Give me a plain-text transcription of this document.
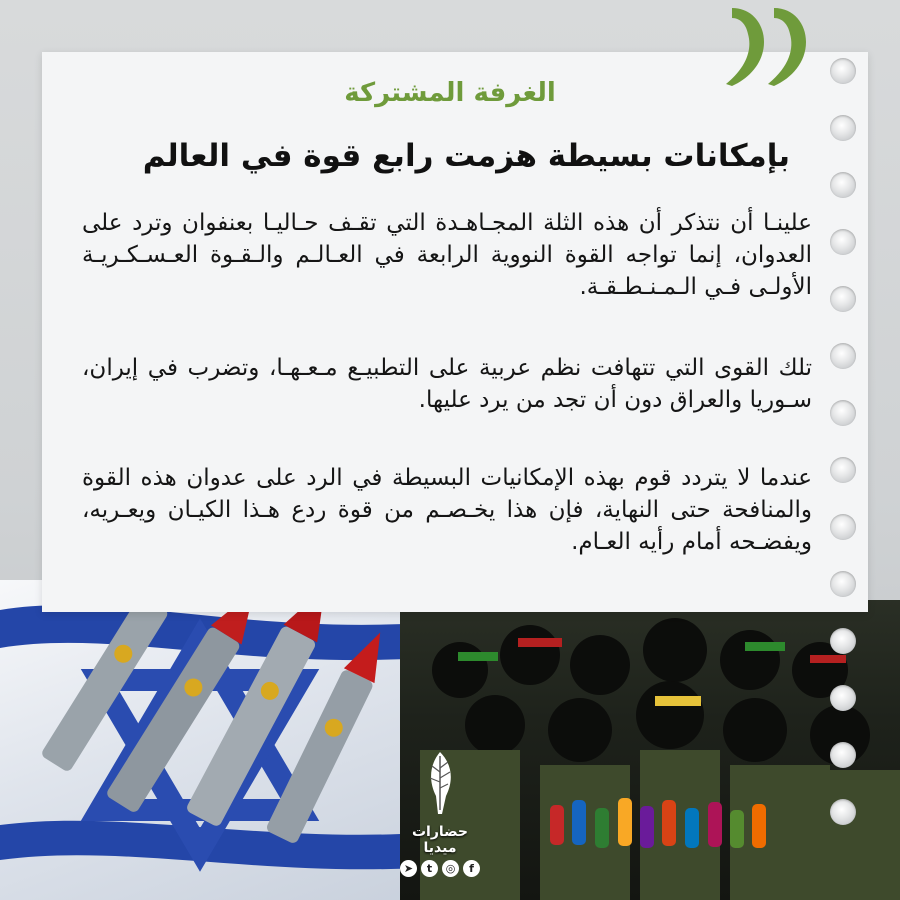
الغرفة المشتركة
بإمكانات بسيطة هزمت رابع قوة في العالم
علينـا أن نتذكر أن هذه الثلة المجـاهـدة التي تقـف حـاليـا بعنفوان وترد على العدوان، إنما تواجه القوة النووية الرابعة في العـالـم والـقـوة العـسـكـريـة الأولـى فـي الـمـنـطـقـة.
تلك القوى التي تتهافت نظم عربية على التطبيـع مـعـهـا، وتضرب في إيران، سـوريا والعراق دون أن تجد من يرد عليها.
عندما لا يتردد قوم بهذه الإمكانيات البسيطة في الرد على عدوان هذه القوة والمنافحة حتى النهاية، فإن هذا يخـصـم من قوة ردع هـذا الكيـان ويعـريه، ويفضـحه أمام رأيه العـام.
حضارات ميديا
➤	t	◎	f
